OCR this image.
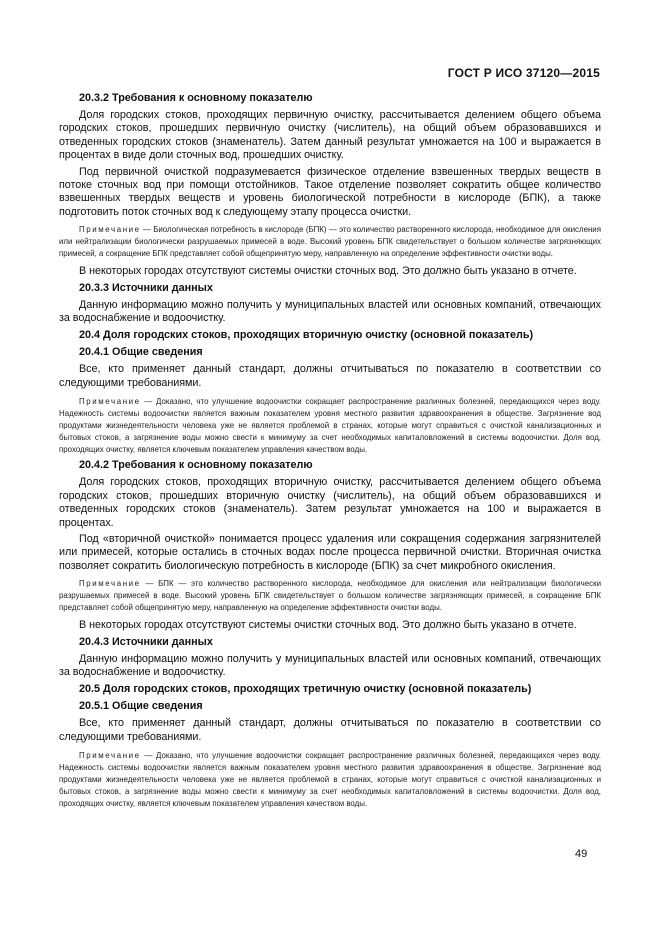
ГОСТ Р ИСО 37120—2015
20.3.2 Требования к основному показателю
Доля городских стоков, проходящих первичную очистку, рассчитывается делением общего объема городских стоков, прошедших первичную очистку (числитель), на общий объем образовавшихся и отведенных городских стоков (знаменатель). Затем данный результат умножается на 100 и выражается в процентах в виде доли сточных вод, прошедших очистку.
Под первичной очисткой подразумевается физическое отделение взвешенных твердых веществ в потоке сточных вод при помощи отстойников. Такое отделение позволяет сократить общее количество взвешенных твердых веществ и уровень биологической потребности в кислороде (БПК), а также подготовить поток сточных вод к следующему этапу процесса очистки.
Примечание — Биологическая потребность в кислороде (БПК) — это количество растворенного кислорода, необходимое для окисления или нейтрализации биологически разрушаемых примесей в воде. Высокий уровень БПК свидетельствует о большом количестве загрязняющих примесей, а сокращение БПК представляет собой общепринятую меру, направленную на определение эффективности очистки воды.
В некоторых городах отсутствуют системы очистки сточных вод. Это должно быть указано в отчете.
20.3.3 Источники данных
Данную информацию можно получить у муниципальных властей или основных компаний, отвечающих за водоснабжение и водоочистку.
20.4 Доля городских стоков, проходящих вторичную очистку (основной показатель)
20.4.1 Общие сведения
Все, кто применяет данный стандарт, должны отчитываться по показателю в соответствии со следующими требованиями.
Примечание — Доказано, что улучшение водоочистки сокращает распространение различных болезней, передающихся через воду. Надежность системы водоочистки является важным показателем уровня местного развития здравоохранения в обществе. Загрязнение вод продуктами жизнедеятельности человека уже не является проблемой в странах, которые могут справиться с очисткой канализационных и бытовых стоков, а загрязнение воды можно свести к минимуму за счет необходимых капиталовложений в системы водоочистки. Доля вод, проходящих очистку, является ключевым показателем управления качеством воды.
20.4.2 Требования к основному показателю
Доля городских стоков, проходящих вторичную очистку, рассчитывается делением общего объема городских стоков, прошедших вторичную очистку (числитель), на общий объем образовавшихся и отведенных городских стоков (знаменатель). Затем результат умножается на 100 и выражается в процентах.
Под «вторичной очисткой» понимается процесс удаления или сокращения содержания загрязнителей или примесей, которые остались в сточных водах после процесса первичной очистки. Вторичная очистка позволяет сократить биологическую потребность в кислороде (БПК) за счет микробного окисления.
Примечание — БПК — это количество растворенного кислорода, необходимое для окисления или нейтрализации биологически разрушаемых примесей в воде. Высокий уровень БПК свидетельствует о большом количестве загрязняющих примесей, а сокращение БПК представляет собой общепринятую меру, направленную на определение эффективности очистки воды.
В некоторых городах отсутствуют системы очистки сточных вод. Это должно быть указано в отчете.
20.4.3 Источники данных
Данную информацию можно получить у муниципальных властей или основных компаний, отвечающих за водоснабжение и водоочистку.
20.5 Доля городских стоков, проходящих третичную очистку (основной показатель)
20.5.1 Общие сведения
Все, кто применяет данный стандарт, должны отчитываться по показателю в соответствии со следующими требованиями.
Примечание — Доказано, что улучшение водоочистки сокращает распространение различных болезней, передающихся через воду. Надежность системы водоочистки является важным показателем уровня местного развития здравоохранения в обществе. Загрязнение вод продуктами жизнедеятельности человека уже не является проблемой в странах, которые могут справиться с очисткой канализационных и бытовых стоков, а загрязнение воды можно свести к минимуму за счет необходимых капиталовложений в системы водоочистки. Доля вод, проходящих очистку, является ключевым показателем управления качеством воды.
49
